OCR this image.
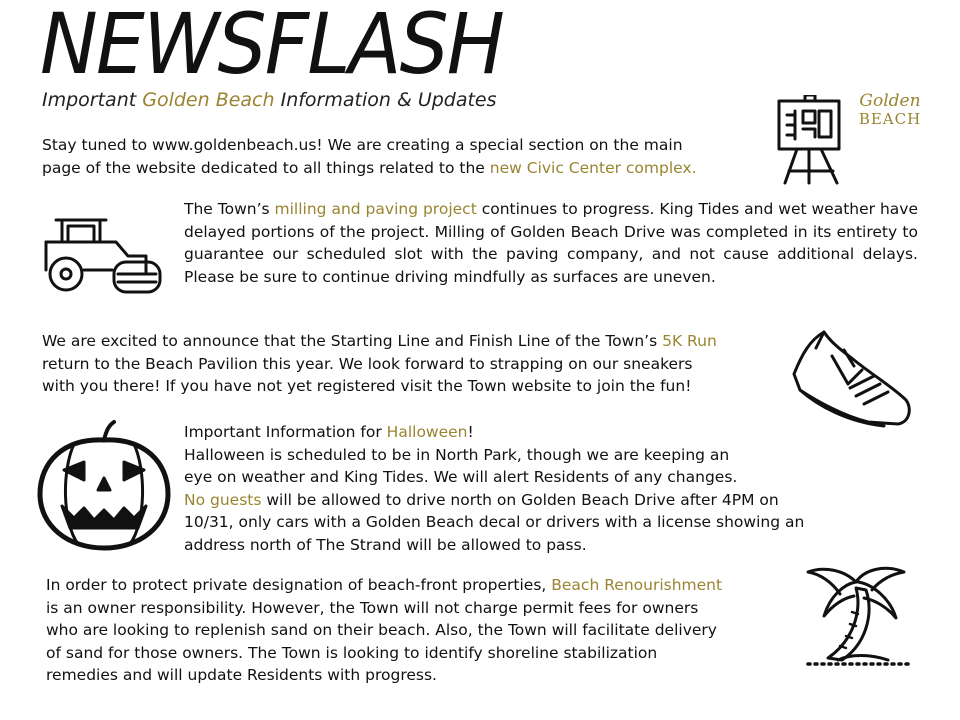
NEWSFLASH
Important Golden Beach Information & Updates	Golden
BEACH
Stay tuned to www.goldenbeach.us! We are creating a special section on the main
page of the website dedicated to all things related to the new Civic Center complex.
The Town’s milling and paving project continues to progress. King Tides and wet weather have delayed portions of the project. Milling of Golden Beach Drive was completed in its entirety to guarantee our scheduled slot with the paving company, and not cause additional delays. Please be sure to continue driving mindfully as surfaces are uneven.
We are excited to announce that the Starting Line and Finish Line of the Town’s 5K Run
return to the Beach Pavilion this year. We look forward to strapping on our sneakers
with you there! If you have not yet registered visit the Town website to join the fun!
Important Information for Halloween!
Halloween is scheduled to be in North Park, though we are keeping an
eye on weather and King Tides. We will alert Residents of any changes.
No guests will be allowed to drive north on Golden Beach Drive after 4PM on
10/31, only cars with a Golden Beach decal or drivers with a license showing an
address north of The Strand will be allowed to pass.
In order to protect private designation of beach-front properties, Beach Renourishment
is an owner responsibility. However, the Town will not charge permit fees for owners
who are looking to replenish sand on their beach. Also, the Town will facilitate delivery
of sand for those owners. The Town is looking to identify shoreline stabilization
remedies and will update Residents with progress.
